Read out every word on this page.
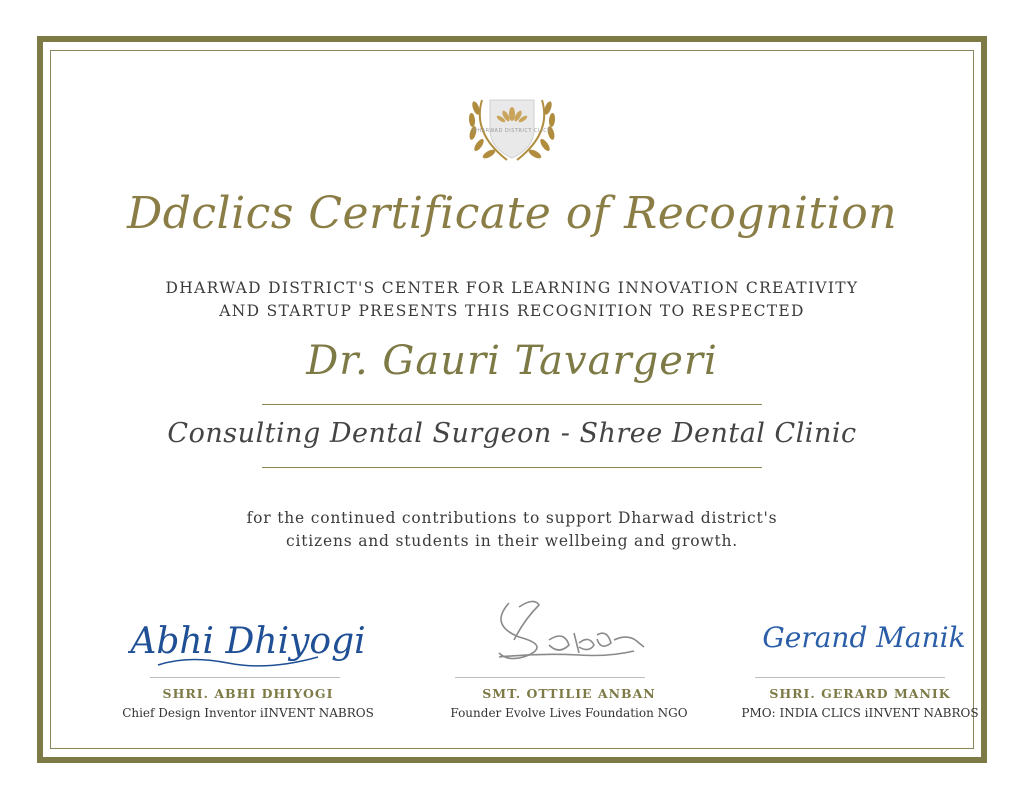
DHARWAD DISTRICT CLICS
Ddclics Certificate of Recognition
DHARWAD DISTRICT'S CENTER FOR LEARNING INNOVATION CREATIVITY
AND STARTUP PRESENTS THIS RECOGNITION TO RESPECTED
Dr. Gauri Tavargeri
Consulting Dental Surgeon - Shree Dental Clinic
for the continued contributions to support Dharwad district's
citizens and students in their wellbeing and growth.
Abhi Dhiyogi	Gerand Manik
SHRI. ABHI DHIYOGI
Chief Design Inventor iINVENT NABROS
SMT. OTTILIE ANBAN
Founder Evolve Lives Foundation NGO
SHRI. GERARD MANIK
PMO: INDIA CLICS iINVENT NABROS
